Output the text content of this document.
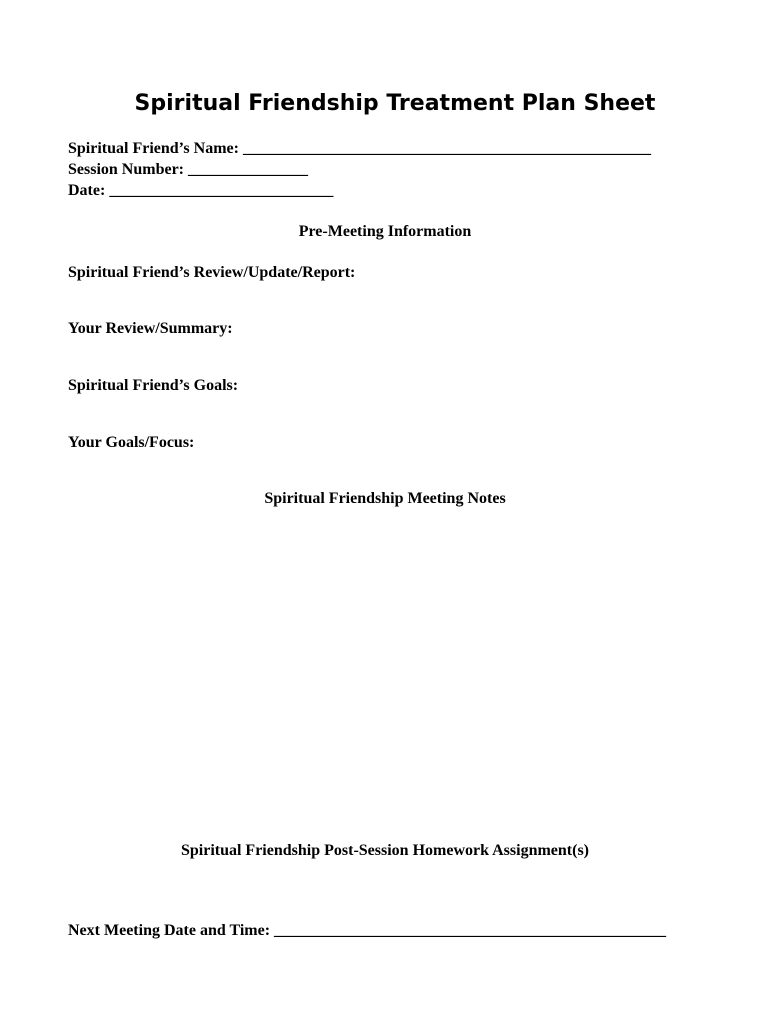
Spiritual Friendship Treatment Plan Sheet
Spiritual Friend’s Name: ___________________________________________________
Session Number: _______________
Date: ____________________________
Pre-Meeting Information
Spiritual Friend’s Review/Update/Report:
Your Review/Summary:
Spiritual Friend’s Goals:
Your Goals/Focus:
Spiritual Friendship Meeting Notes
Spiritual Friendship Post-Session Homework Assignment(s)
Next Meeting Date and Time: _________________________________________________
